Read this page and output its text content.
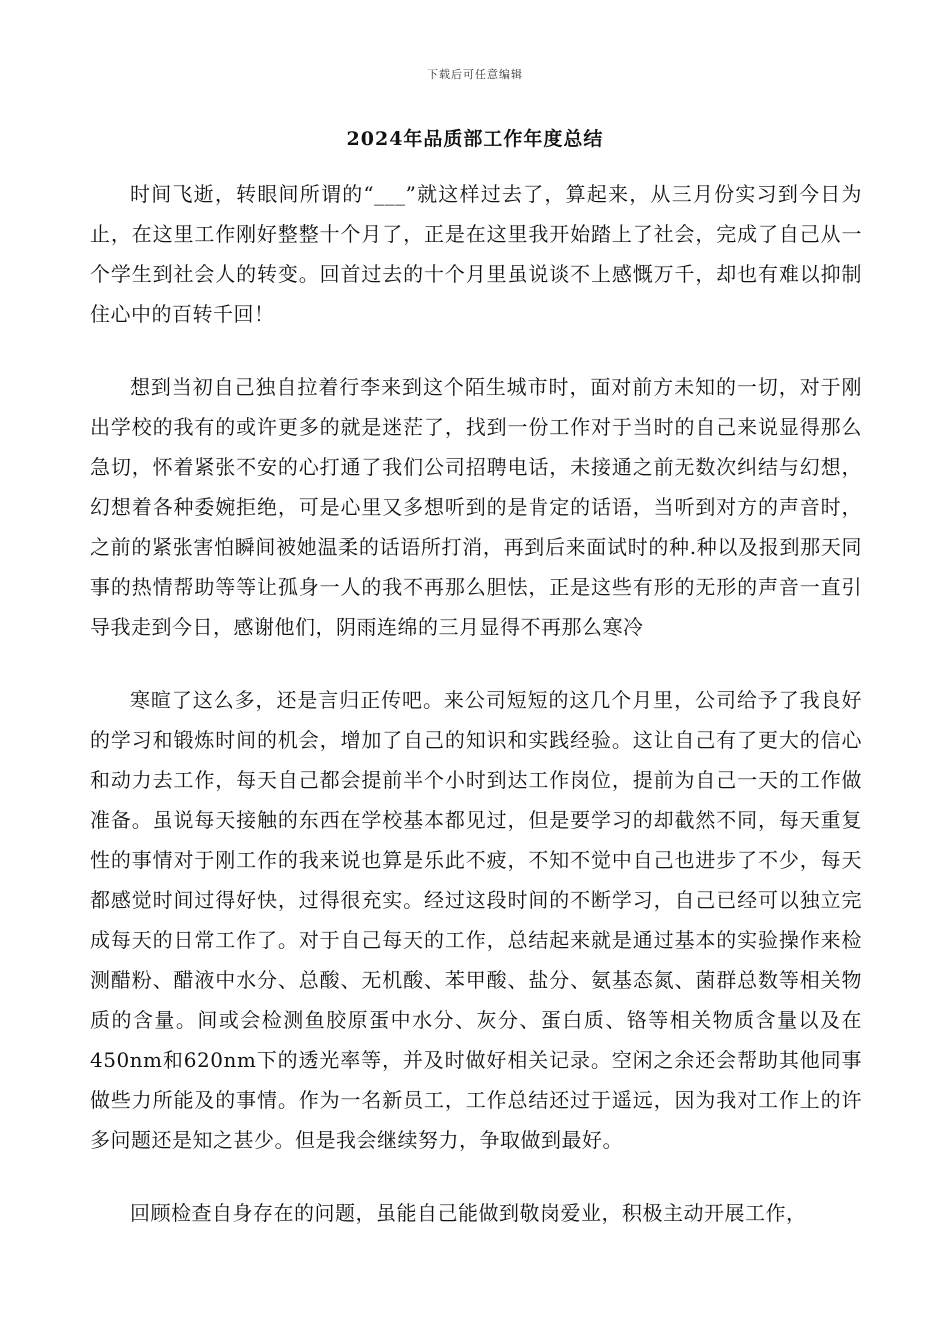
下载后可任意编辑
2024年品质部工作年度总结

时间飞逝，转眼间所谓的“___”就这样过去了，算起来，从三月份实习到今日为止，在这里工作刚好整整十个月了，正是在这里我开始踏上了社会，完成了自己从一个学生到社会人的转变。回首过去的十个月里虽说谈不上感慨万千，却也有难以抑制住心中的百转千回！

想到当初自己独自拉着行李来到这个陌生城市时，面对前方未知的一切，对于刚出学校的我有的或许更多的就是迷茫了，找到一份工作对于当时的自己来说显得那么急切，怀着紧张不安的心打通了我们公司招聘电话，未接通之前无数次纠结与幻想，幻想着各种委婉拒绝，可是心里又多想听到的是肯定的话语，当听到对方的声音时，之前的紧张害怕瞬间被她温柔的话语所打消，再到后来面试时的种.种以及报到那天同事的热情帮助等等让孤身一人的我不再那么胆怯，正是这些有形的无形的声音一直引导我走到今日，感谢他们，阴雨连绵的三月显得不再那么寒冷

寒暄了这么多，还是言归正传吧。来公司短短的这几个月里，公司给予了我良好的学习和锻炼时间的机会，增加了自己的知识和实践经验。这让自己有了更大的信心和动力去工作，每天自己都会提前半个小时到达工作岗位，提前为自己一天的工作做准备。虽说每天接触的东西在学校基本都见过，但是要学习的却截然不同，每天重复性的事情对于刚工作的我来说也算是乐此不疲，不知不觉中自己也进步了不少，每天都感觉时间过得好快，过得很充实。经过这段时间的不断学习，自己已经可以独立完成每天的日常工作了。对于自己每天的工作，总结起来就是通过基本的实验操作来检测醋粉、醋液中水分、总酸、无机酸、苯甲酸、盐分、氨基态氮、菌群总数等相关物质的含量。间或会检测鱼胶原蛋中水分、灰分、蛋白质、铬等相关物质含量以及在450nm和620nm下的透光率等，并及时做好相关记录。空闲之余还会帮助其他同事做些力所能及的事情。作为一名新员工，工作总结还过于遥远，因为我对工作上的许多问题还是知之甚少。但是我会继续努力，争取做到最好。

回顾检查自身存在的问题，虽能自己能做到敬岗爱业，积极主动开展工作，
